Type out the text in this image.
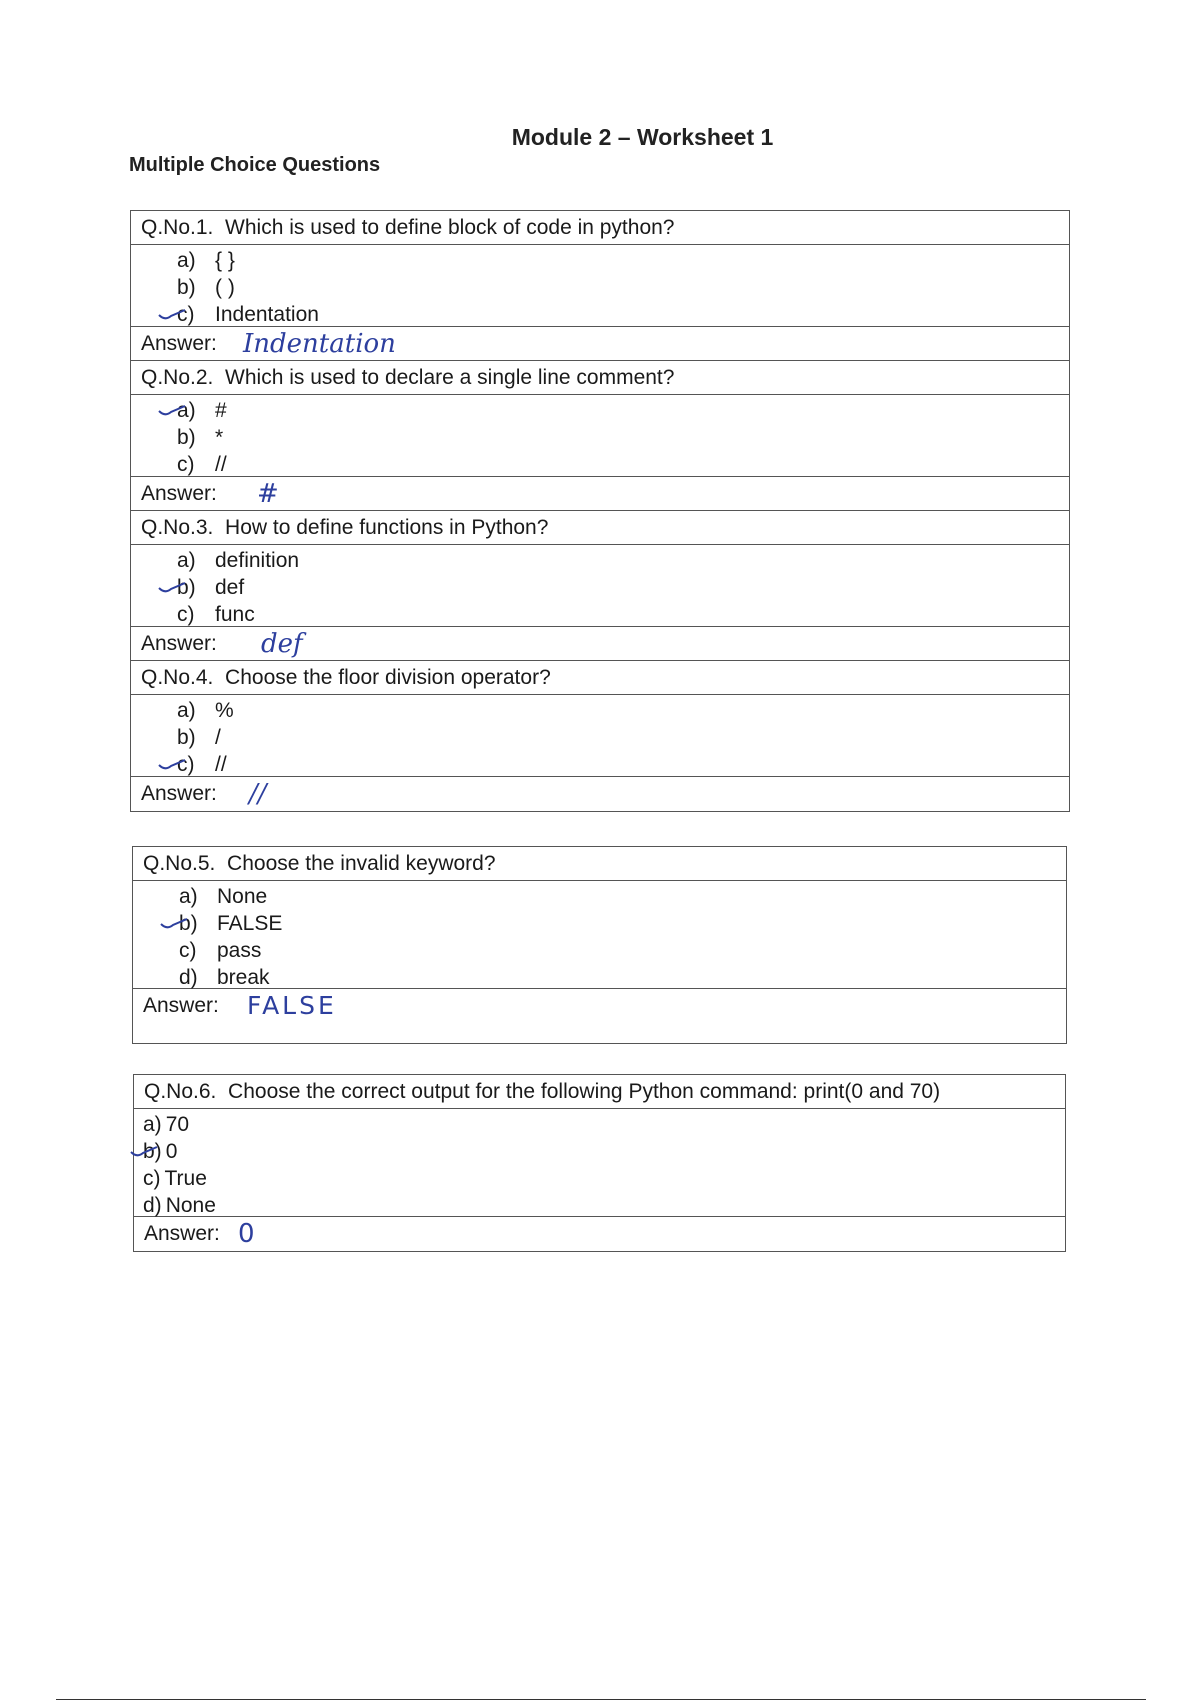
Module 2 – Worksheet 1
Multiple Choice Questions
Q.No.1. Which is used to define block of code in python?
a) { }
b) ( )
c) Indentation
Answer: Indentation
Q.No.2. Which is used to declare a single line comment?
a) #
b) *
c) //
Answer: #
Q.No.3. How to define functions in Python?
a) definition
b) def
c) func
Answer: def
Q.No.4. Choose the floor division operator?
a) %
b) /
c) //
Answer: //
Q.No.5. Choose the invalid keyword?
a) None
b) FALSE
c) pass
d) break
Answer: FALSE
Q.No.6. Choose the correct output for the following Python command: print(0 and 70)
a) 70
b) 0
c) True
d) None
Answer: 0
